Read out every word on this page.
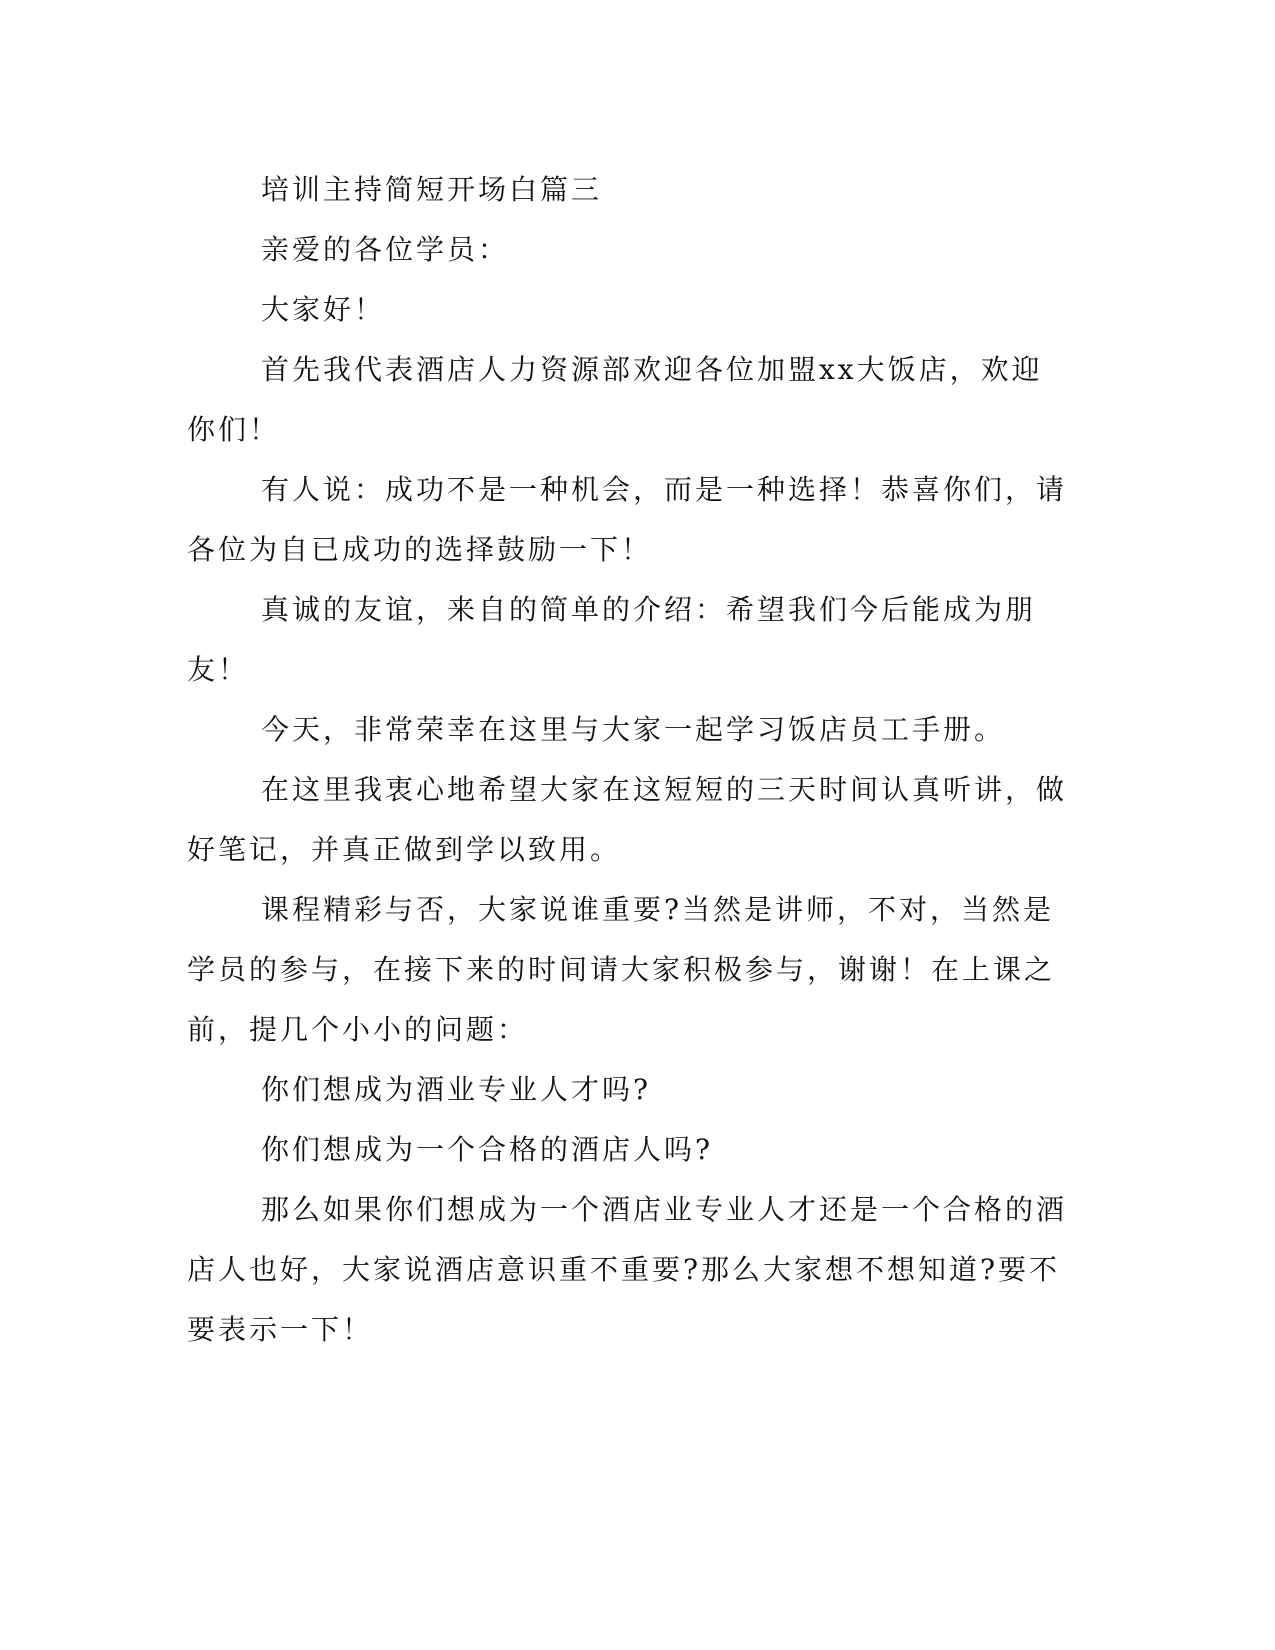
培训主持简短开场白篇三

亲爱的各位学员：

大家好！

首先我代表酒店人力资源部欢迎各位加盟xx大饭店，欢迎你们！

有人说：成功不是一种机会，而是一种选择！恭喜你们，请各位为自已成功的选择鼓励一下！

真诚的友谊，来自的简单的介绍：希望我们今后能成为朋友！

今天，非常荣幸在这里与大家一起学习饭店员工手册。

在这里我衷心地希望大家在这短短的三天时间认真听讲，做好笔记，并真正做到学以致用。

课程精彩与否，大家说谁重要?当然是讲师，不对，当然是学员的参与，在接下来的时间请大家积极参与，谢谢！在上课之前，提几个小小的问题：

你们想成为酒业专业人才吗?

你们想成为一个合格的酒店人吗?

那么如果你们想成为一个酒店业专业人才还是一个合格的酒店人也好，大家说酒店意识重不重要?那么大家想不想知道?要不要表示一下！
